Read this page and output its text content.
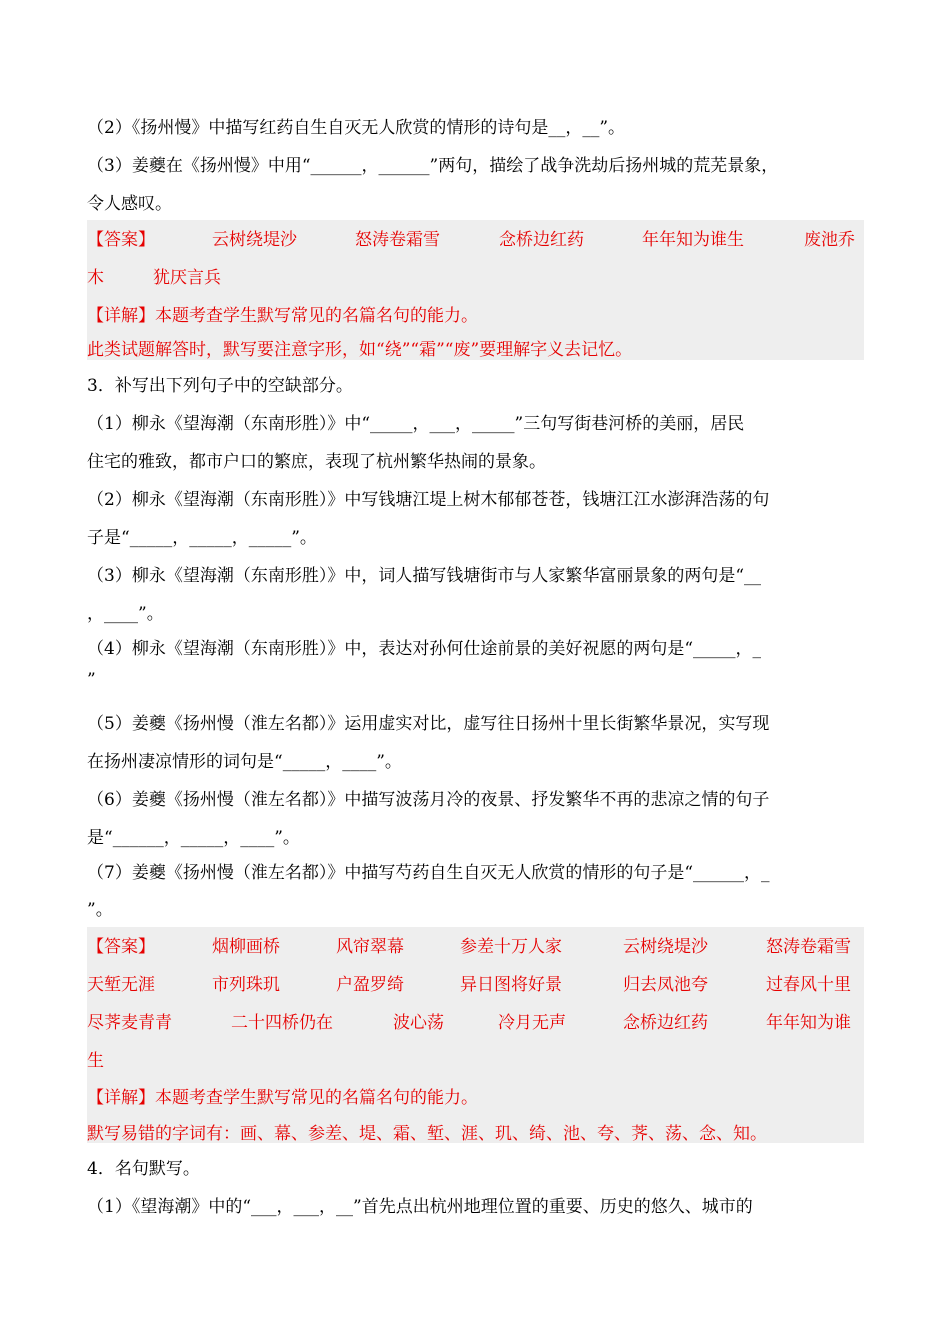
（2）《扬州慢》中描写红药自生自灭无人欣赏的情形的诗句是__，__”。
（3）姜夔在《扬州慢》中用“______，______”两句，描绘了战争洗劫后扬州城的荒芜景象，
令人感叹。
【答案】	云树绕堤沙	怒涛卷霜雪	念桥边红药	年年知为谁生	废池乔
木	犹厌言兵
【详解】本题考查学生默写常见的名篇名句的能力。
此类试题解答时，默写要注意字形，如“绕”“霜”“废”要理解字义去记忆。
3．补写出下列句子中的空缺部分。
（1）柳永《望海潮（东南形胜）》中“_____，___，_____”三句写街巷河桥的美丽，居民
住宅的雅致，都市户口的繁庶，表现了杭州繁华热闹的景象。
（2）柳永《望海潮（东南形胜）》中写钱塘江堤上树木郁郁苍苍，钱塘江江水澎湃浩荡的句
子是“_____，_____，_____”。
（3）柳永《望海潮（东南形胜）》中，词人描写钱塘街市与人家繁华富丽景象的两句是“__
，____”。
（4）柳永《望海潮（东南形胜）》中，表达对孙何仕途前景的美好祝愿的两句是“_____，_
”
（5）姜夔《扬州慢（淮左名都）》运用虚实对比，虚写往日扬州十里长街繁华景况，实写现
在扬州凄凉情形的词句是“_____，____”。
（6）姜夔《扬州慢（淮左名都）》中描写波荡月冷的夜景、抒发繁华不再的悲凉之情的句子
是“______，_____，____”。
（7）姜夔《扬州慢（淮左名都）》中描写芍药自生自灭无人欣赏的情形的句子是“______，_
”。
【答案】	烟柳画桥	风帘翠幕	参差十万人家	云树绕堤沙	怒涛卷霜雪
天堑无涯	市列珠玑	户盈罗绮	异日图将好景	归去凤池夸	过春风十里
尽荠麦青青	二十四桥仍在	波心荡	冷月无声	念桥边红药	年年知为谁
生
【详解】本题考查学生默写常见的名篇名句的能力。
默写易错的字词有：画、幕、参差、堤、霜、堑、涯、玑、绮、池、夸、荠、荡、念、知。
4．名句默写。
（1）《望海潮》中的“___，___，__”首先点出杭州地理位置的重要、历史的悠久、城市的
